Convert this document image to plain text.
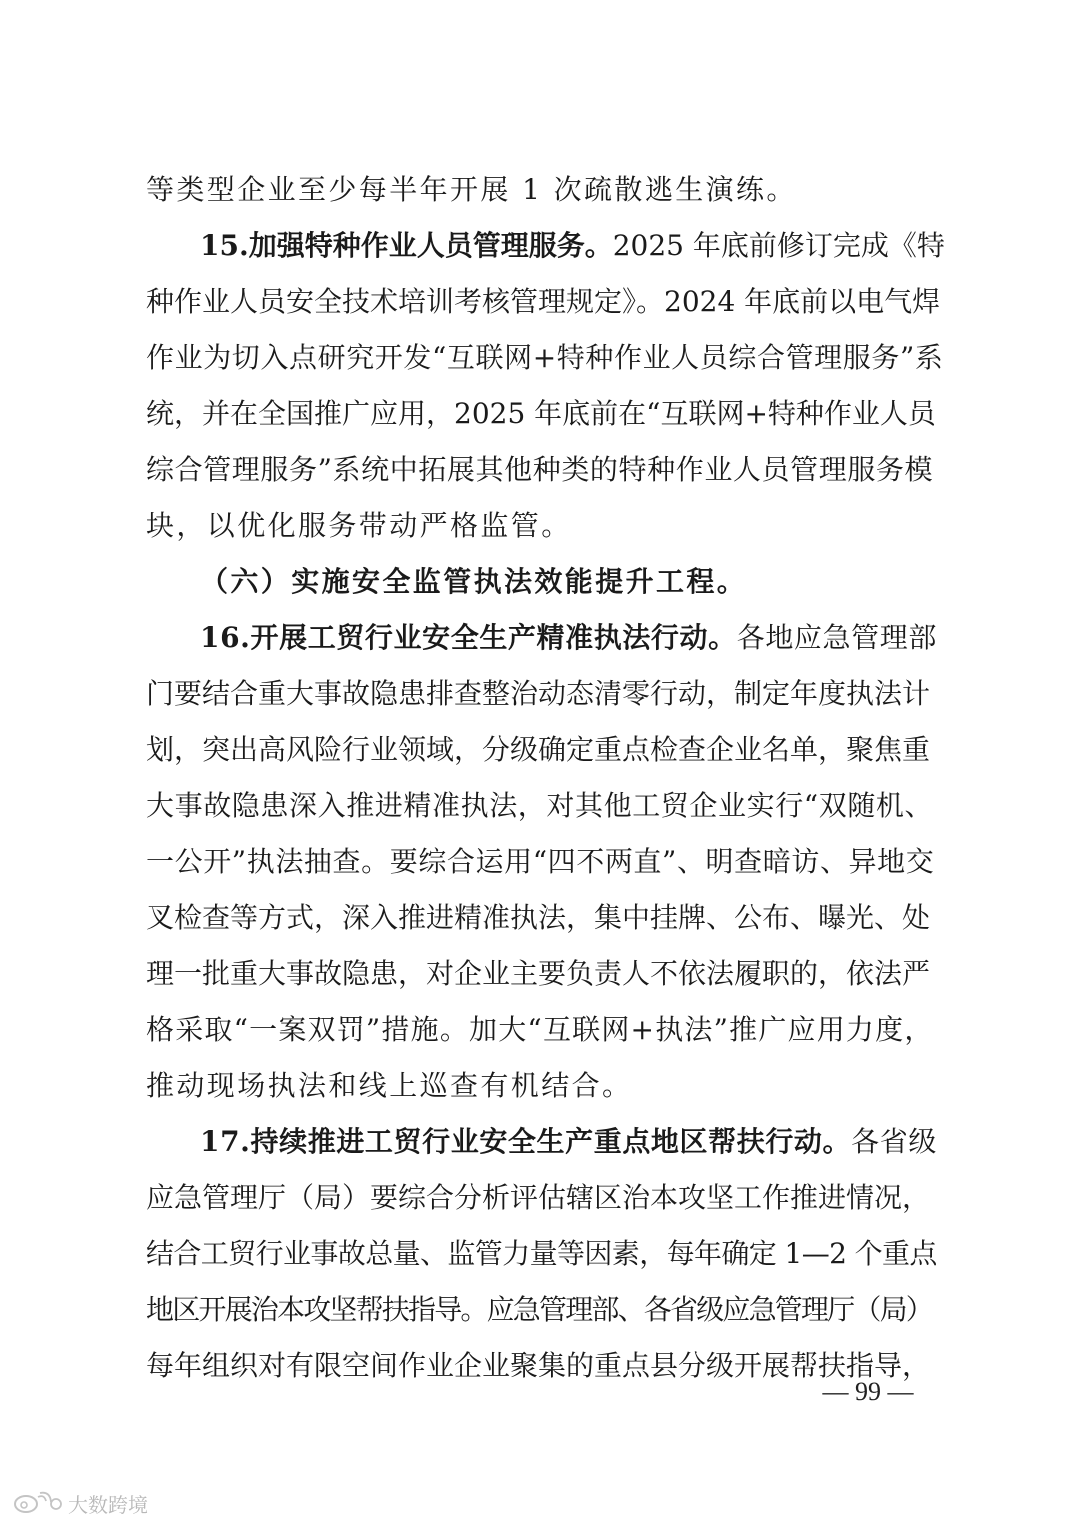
等类型企业至少每半年开展 1 次疏散逃生演练。
15.加强特种作业人员管理服务。2025 年底前修订完成《特
种作业人员安全技术培训考核管理规定》。2024 年底前以电气焊
作业为切入点研究开发“互联网+特种作业人员综合管理服务”系
统，并在全国推广应用，2025 年底前在“互联网+特种作业人员
综合管理服务”系统中拓展其他种类的特种作业人员管理服务模
块，以优化服务带动严格监管。
（六）实施安全监管执法效能提升工程。
16.开展工贸行业安全生产精准执法行动。各地应急管理部
门要结合重大事故隐患排查整治动态清零行动，制定年度执法计
划，突出高风险行业领域，分级确定重点检查企业名单，聚焦重
大事故隐患深入推进精准执法，对其他工贸企业实行“双随机、
一公开”执法抽查。要综合运用“四不两直”、明查暗访、异地交
叉检查等方式，深入推进精准执法，集中挂牌、公布、曝光、处
理一批重大事故隐患，对企业主要负责人不依法履职的，依法严
格采取“一案双罚”措施。加大“互联网+执法”推广应用力度，
推动现场执法和线上巡查有机结合。
17.持续推进工贸行业安全生产重点地区帮扶行动。各省级
应急管理厅（局）要综合分析评估辖区治本攻坚工作推进情况，
结合工贸行业事故总量、监管力量等因素，每年确定 1—2 个重点
地区开展治本攻坚帮扶指导。应急管理部、各省级应急管理厅（局）
每年组织对有限空间作业企业聚集的重点县分级开展帮扶指导，
— 99 —
大数跨境
